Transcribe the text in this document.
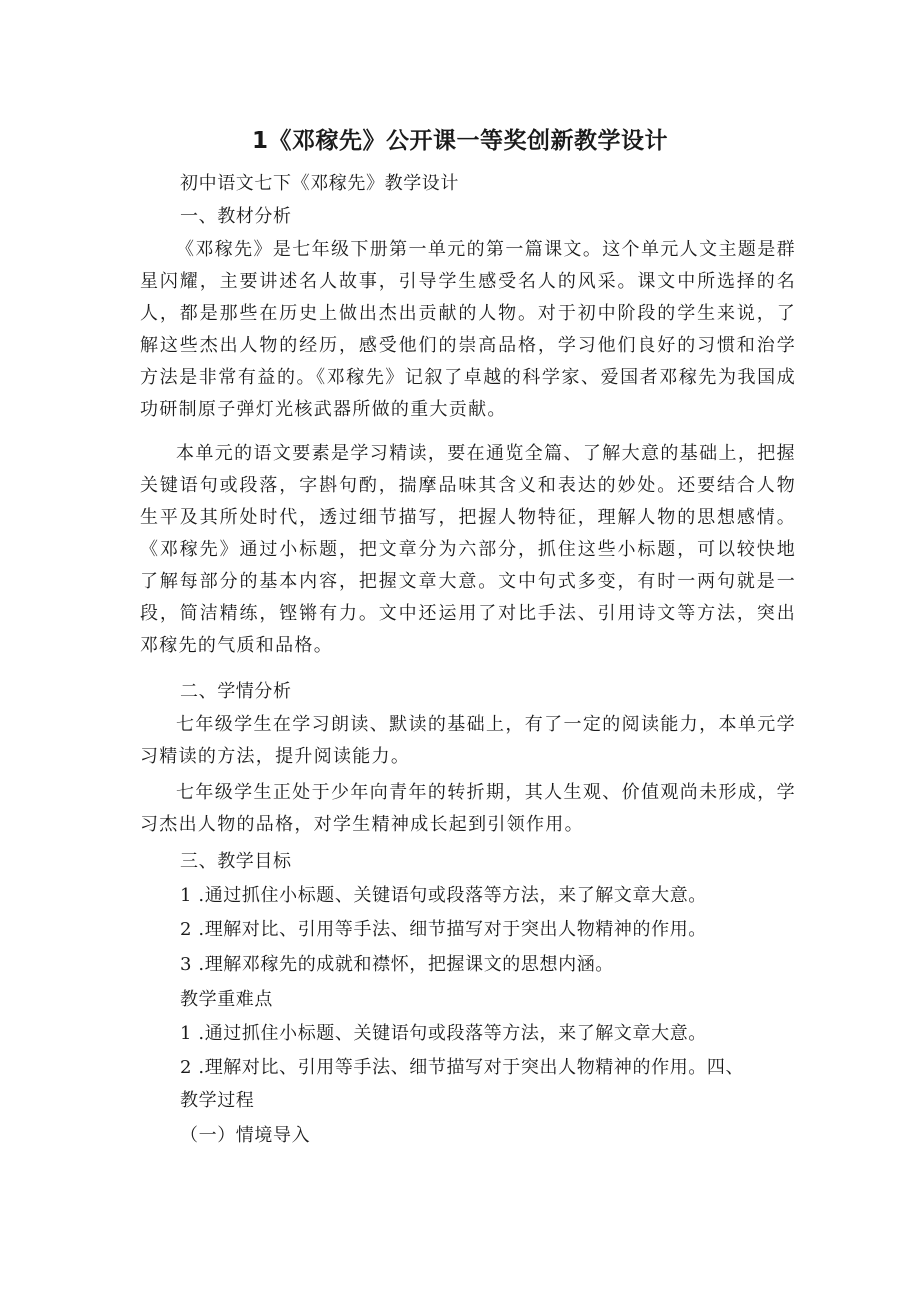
1《邓稼先》公开课一等奖创新教学设计
初中语文七下《邓稼先》教学设计
一、教材分析
《邓稼先》是七年级下册第一单元的第一篇课文。这个单元人文主题是群星闪耀，主要讲述名人故事，引导学生感受名人的风采。课文中所选择的名人，都是那些在历史上做出杰出贡献的人物。对于初中阶段的学生来说，了解这些杰出人物的经历，感受他们的崇高品格，学习他们良好的习惯和治学方法是非常有益的。《邓稼先》记叙了卓越的科学家、爱国者邓稼先为我国成功研制原子弹灯光核武器所做的重大贡献。
本单元的语文要素是学习精读，要在通览全篇、了解大意的基础上，把握关键语句或段落，字斟句酌，揣摩品味其含义和表达的妙处。还要结合人物生平及其所处时代，透过细节描写，把握人物特征，理解人物的思想感情。《邓稼先》通过小标题，把文章分为六部分，抓住这些小标题，可以较快地了解每部分的基本内容，把握文章大意。文中句式多变，有时一两句就是一段，简洁精练，铿锵有力。文中还运用了对比手法、引用诗文等方法，突出邓稼先的气质和品格。
二、学情分析
七年级学生在学习朗读、默读的基础上，有了一定的阅读能力，本单元学习精读的方法，提升阅读能力。
七年级学生正处于少年向青年的转折期，其人生观、价值观尚未形成，学习杰出人物的品格，对学生精神成长起到引领作用。
三、教学目标
1 .通过抓住小标题、关键语句或段落等方法，来了解文章大意。
2 .理解对比、引用等手法、细节描写对于突出人物精神的作用。
3 .理解邓稼先的成就和襟怀，把握课文的思想内涵。
教学重难点
1 .通过抓住小标题、关键语句或段落等方法，来了解文章大意。
2 .理解对比、引用等手法、细节描写对于突出人物精神的作用。四、
教学过程
（一）情境导入
